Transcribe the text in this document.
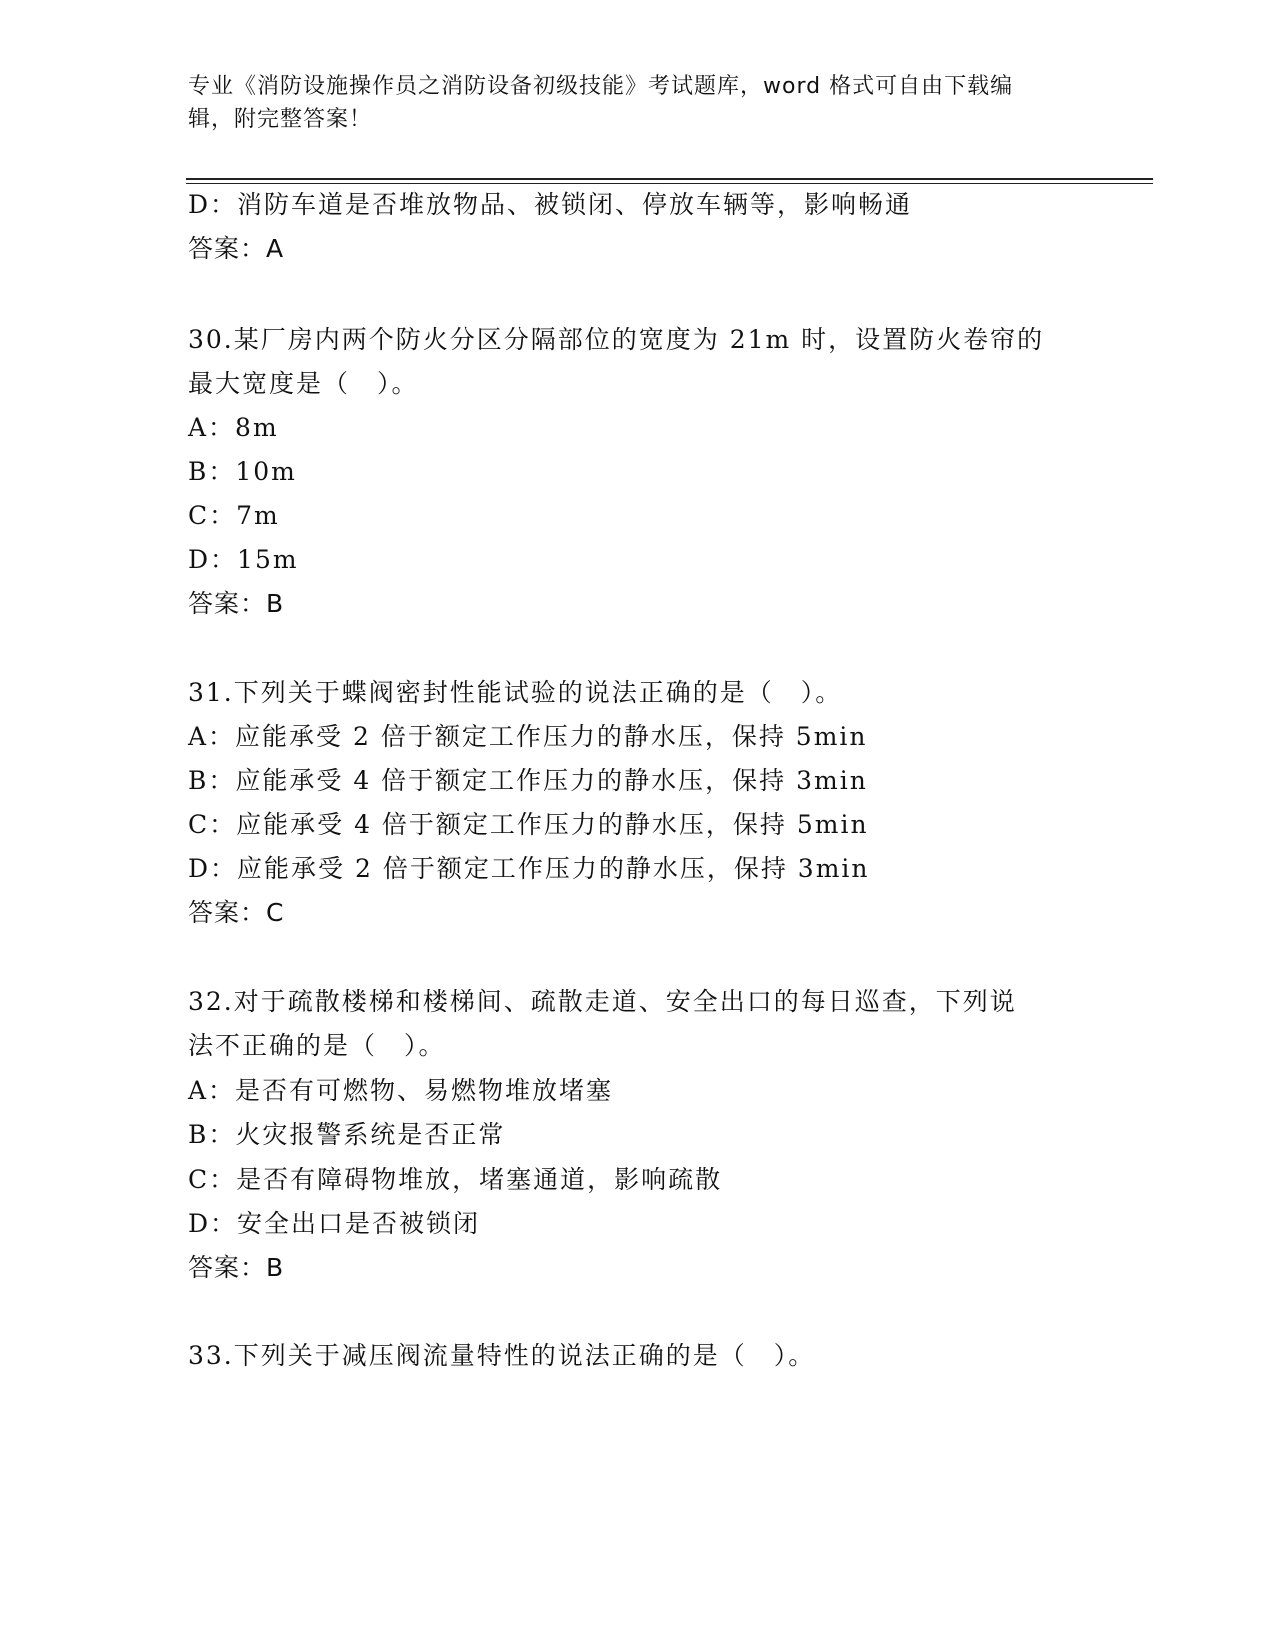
专业《消防设施操作员之消防设备初级技能》考试题库，word 格式可自由下载编
辑，附完整答案！
D：消防车道是否堆放物品、被锁闭、停放车辆等，影响畅通
答案：A
30.某厂房内两个防火分区分隔部位的宽度为 21m 时，设置防火卷帘的
最大宽度是（　）。
A：8m
B：10m
C：7m
D：15m
答案：B
31.下列关于蝶阀密封性能试验的说法正确的是（　）。
A：应能承受 2 倍于额定工作压力的静水压，保持 5min
B：应能承受 4 倍于额定工作压力的静水压，保持 3min
C：应能承受 4 倍于额定工作压力的静水压，保持 5min
D：应能承受 2 倍于额定工作压力的静水压，保持 3min
答案：C
32.对于疏散楼梯和楼梯间、疏散走道、安全出口的每日巡查，下列说
法不正确的是（　）。
A：是否有可燃物、易燃物堆放堵塞
B：火灾报警系统是否正常
C：是否有障碍物堆放，堵塞通道，影响疏散
D：安全出口是否被锁闭
答案：B
33.下列关于减压阀流量特性的说法正确的是（　）。
